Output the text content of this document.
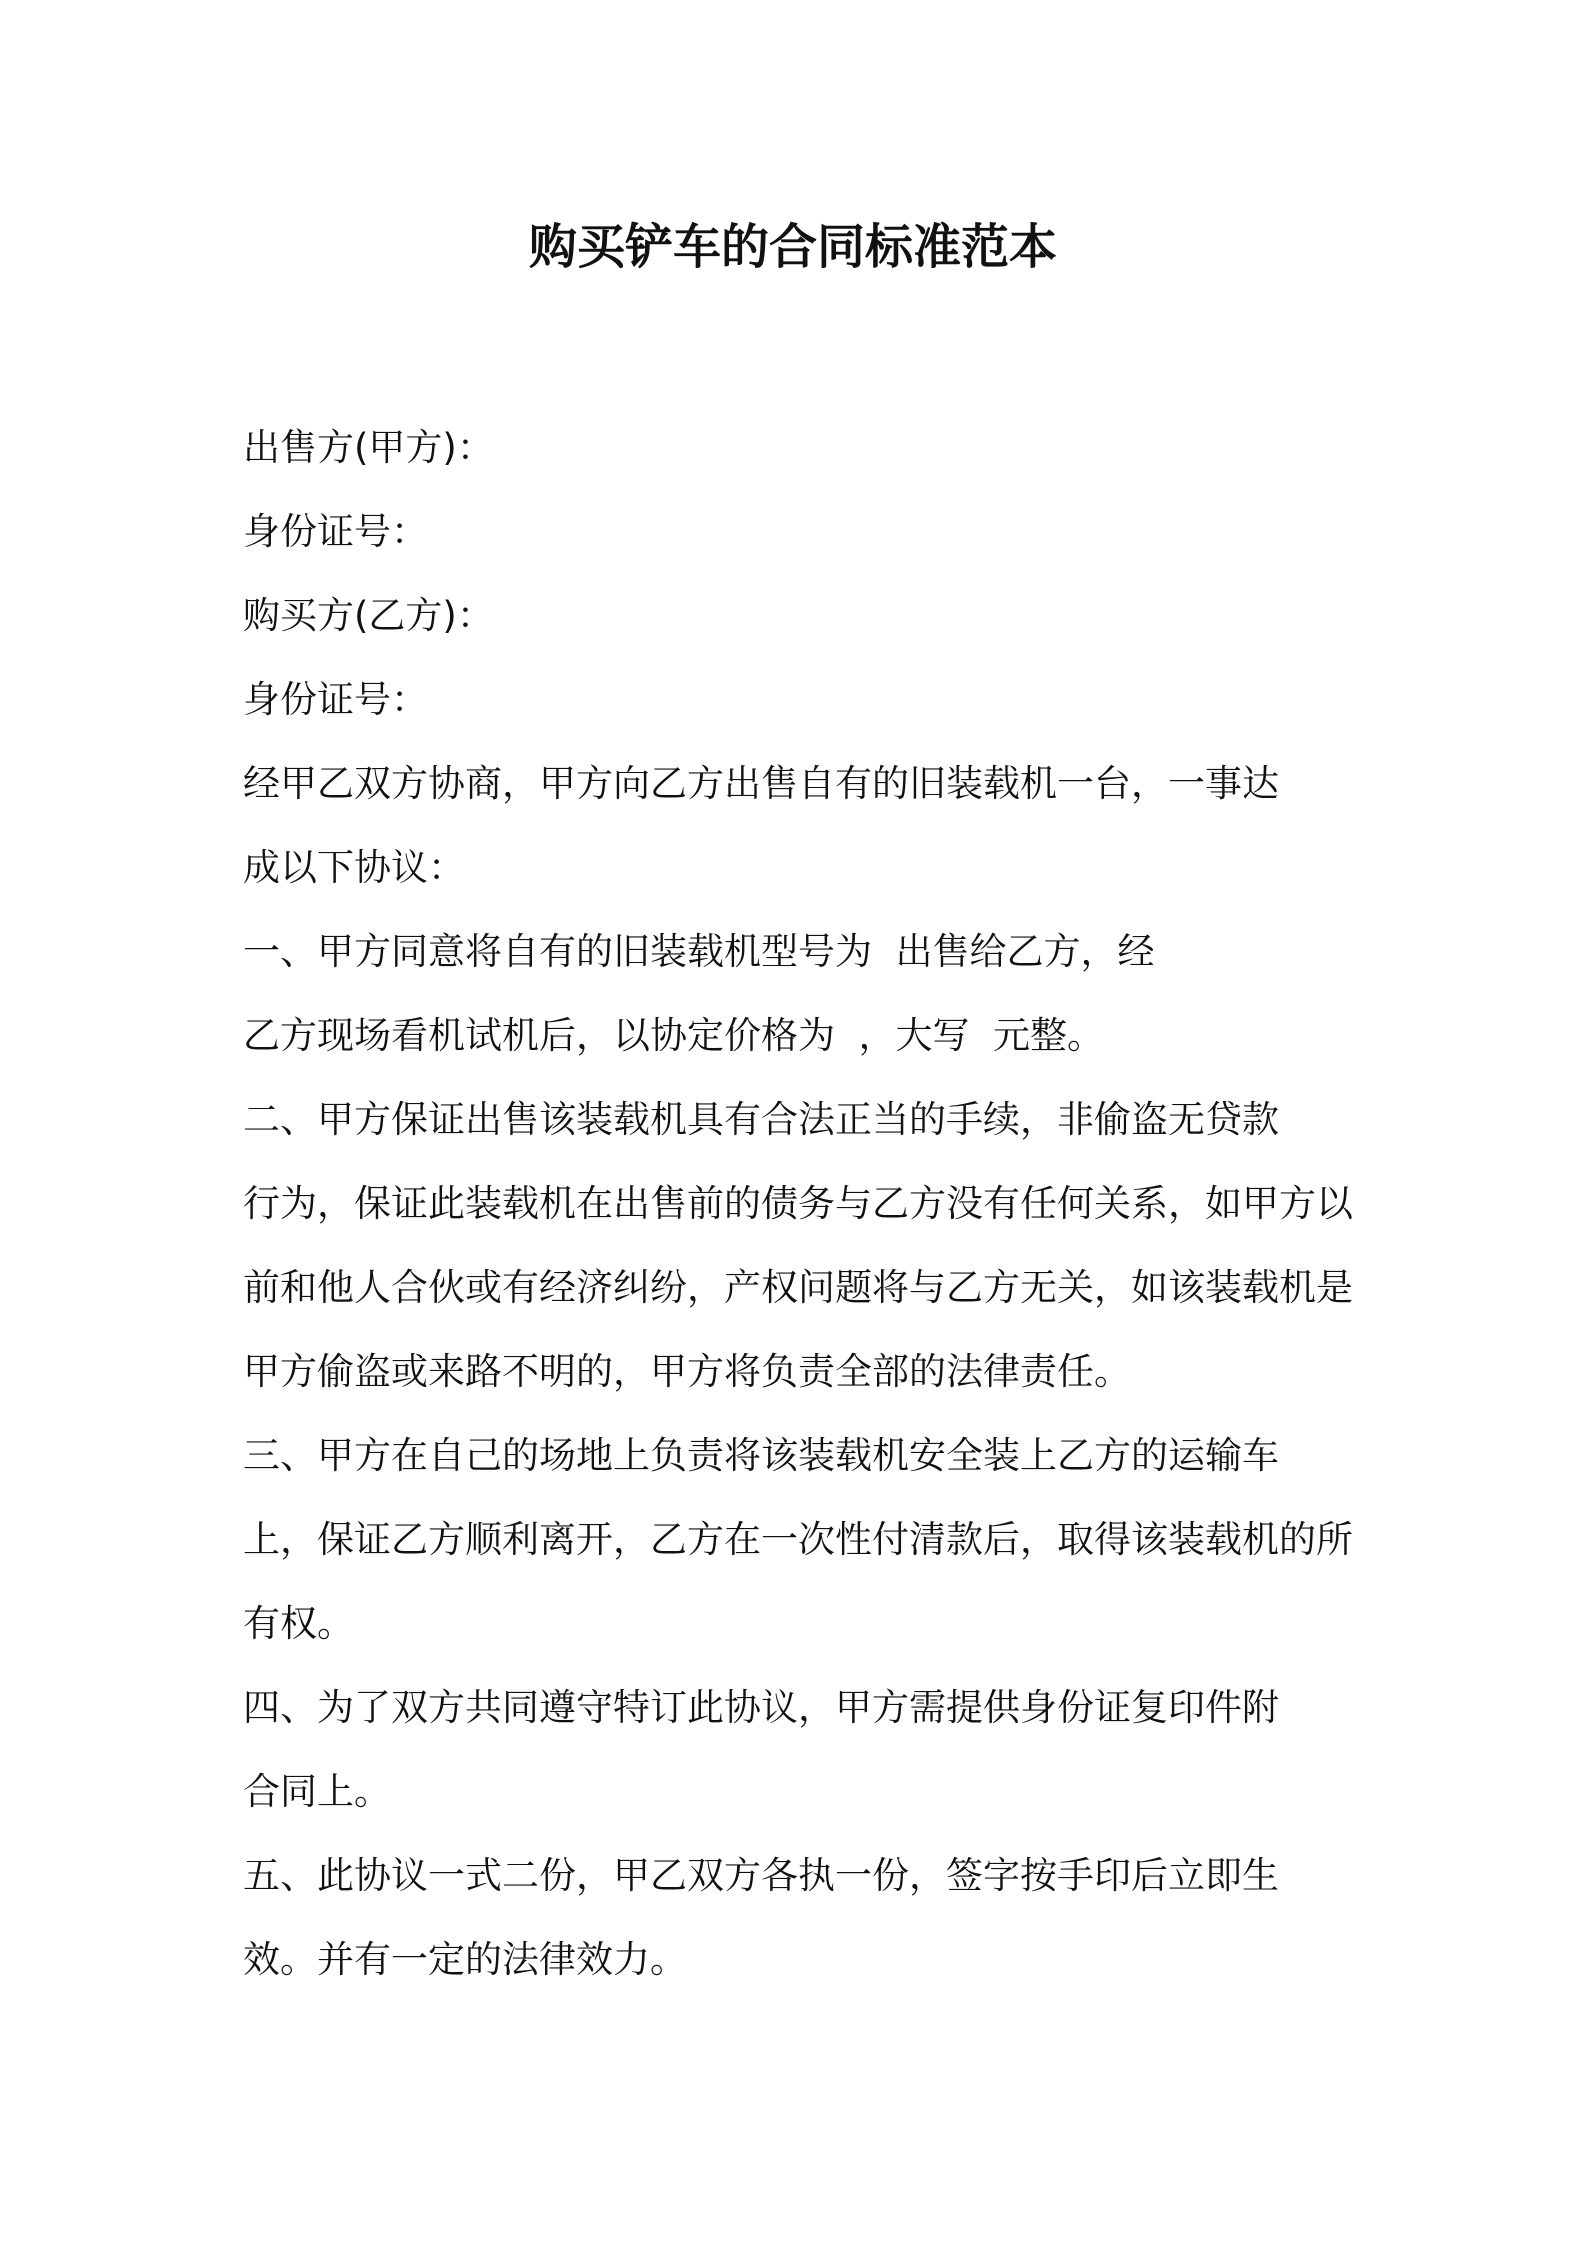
购买铲车的合同标准范本
出售方(甲方)：
身份证号：
购买方(乙方)：
身份证号：
经甲乙双方协商，甲方向乙方出售自有的旧装载机一台，一事达
成以下协议：
一、甲方同意将自有的旧装载机型号为  出售给乙方，经
乙方现场看机试机后，以协定价格为  ，大写  元整。
二、甲方保证出售该装载机具有合法正当的手续，非偷盗无贷款
行为，保证此装载机在出售前的债务与乙方没有任何关系，如甲方以
前和他人合伙或有经济纠纷，产权问题将与乙方无关，如该装载机是
甲方偷盗或来路不明的，甲方将负责全部的法律责任。
三、甲方在自己的场地上负责将该装载机安全装上乙方的运输车
上，保证乙方顺利离开，乙方在一次性付清款后，取得该装载机的所
有权。
四、为了双方共同遵守特订此协议，甲方需提供身份证复印件附
合同上。
五、此协议一式二份，甲乙双方各执一份，签字按手印后立即生
效。并有一定的法律效力。
